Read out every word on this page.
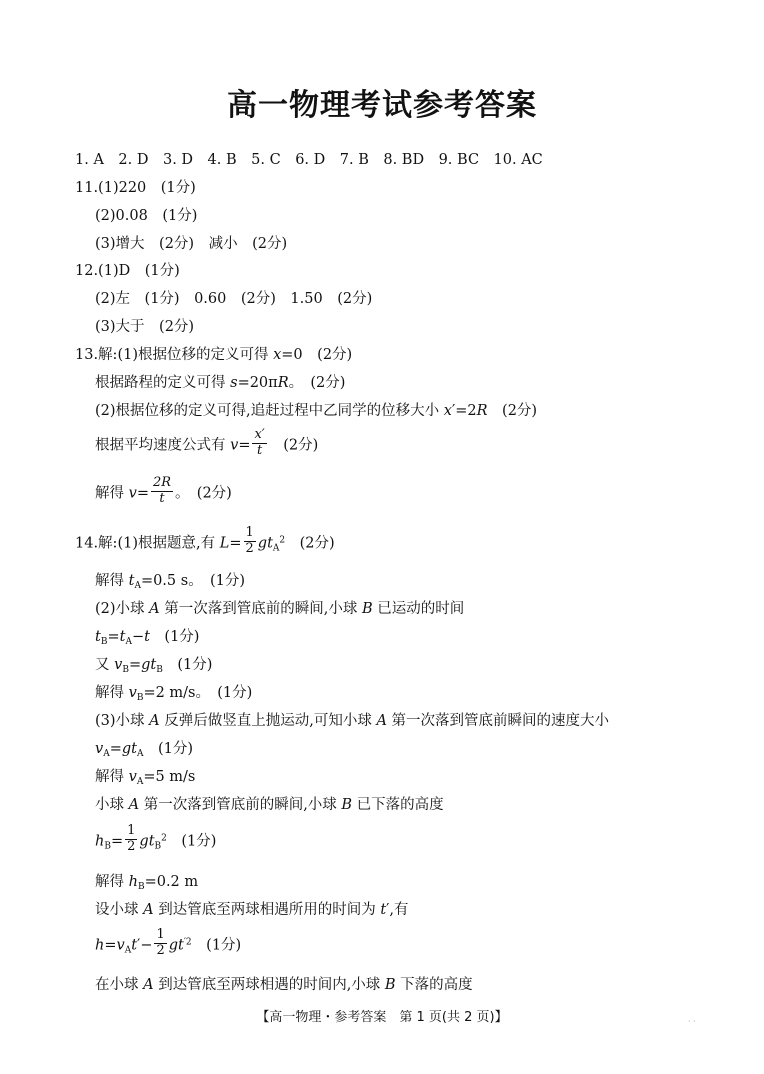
高一物理考试参考答案
1. A　2. D　3. D　4. B　5. C　6. D　7. B　8. BD　9. BC　10. AC
11.(1)220　(1分)
(2)0.08　(1分)
(3)增大　(2分)　减小　(2分)
12.(1)D　(1分)
(2)左　(1分)　0.60　(2分)　1.50　(2分)
(3)大于　(2分)
13.解:(1)根据位移的定义可得 x=0　(2分)
根据路程的定义可得 s=20πR。　(2分)
(2)根据位移的定义可得,追赶过程中乙同学的位移大小 x′=2R　(2分)
根据平均速度公式有 $v= \frac{x'}{t}$ 　(2分)
解得 $v= \frac{2R}{t}$ 。　(2分)
14.解:(1)根据题意,有 $L= \frac{1}{2} gt_A^2$　(2分)
解得 $t_A=0.5$ s。　(1分)
(2)小球 A 第一次落到管底前的瞬间,小球 B 已运动的时间
$t_B=t_A-t$　(1分)
又 $v_B=gt_B$　(1分)
解得 $v_B=2$ m/s。　(1分)
(3)小球 A 反弹后做竖直上抛运动,可知小球 A 第一次落到管底前瞬间的速度大小
$v_A=gt_A$　(1分)
解得 $v_A=5$ m/s
小球 A 第一次落到管底前的瞬间,小球 B 已下落的高度
$h_B= \frac{1}{2} gt_B^2$　(1分)
解得 $h_B=0.2$ m
设小球 A 到达管底至两球相遇所用的时间为 t′,有
$h=v_At'- \frac{1}{2} gt^{'2}$　(1分)
在小球 A 到达管底至两球相遇的时间内,小球 B 下落的高度
【高一物理・参考答案　第 1 页(共 2 页)】	· ·
